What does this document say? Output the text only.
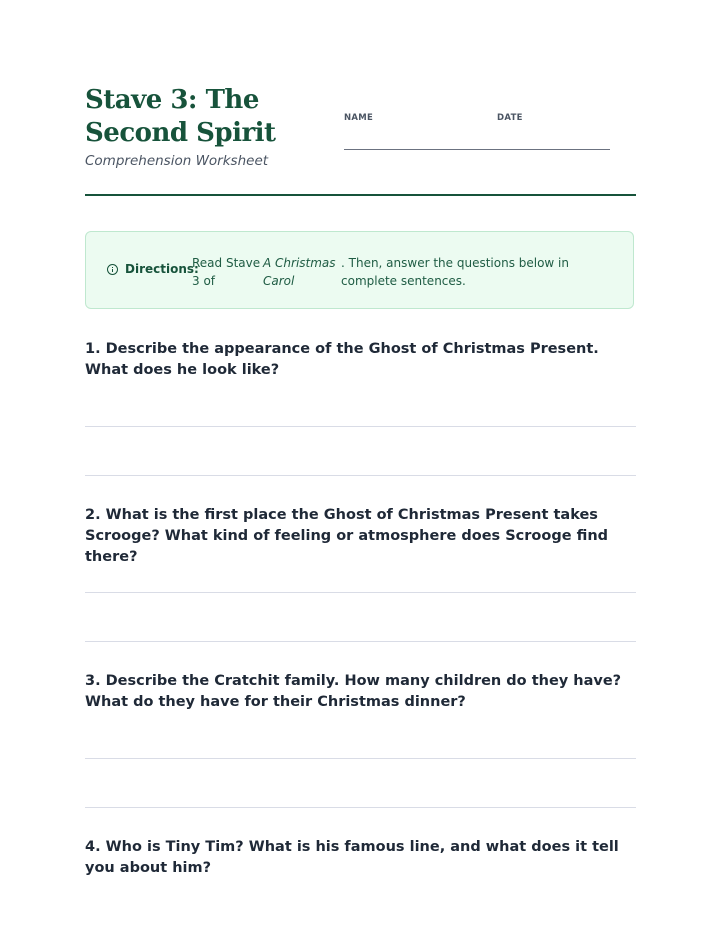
Stave 3: The Second Spirit
Comprehension Worksheet
NAME	DATE
Directions:
Read Stave 3 of
A Christmas Carol
. Then, answer the questions below in complete sentences.

1. Describe the appearance of the Ghost of Christmas Present. What does he look like?

2. What is the first place the Ghost of Christmas Present takes Scrooge? What kind of feeling or atmosphere does Scrooge find there?

3. Describe the Cratchit family. How many children do they have? What do they have for their Christmas dinner?

4. Who is Tiny Tim? What is his famous line, and what does it tell you about him?
